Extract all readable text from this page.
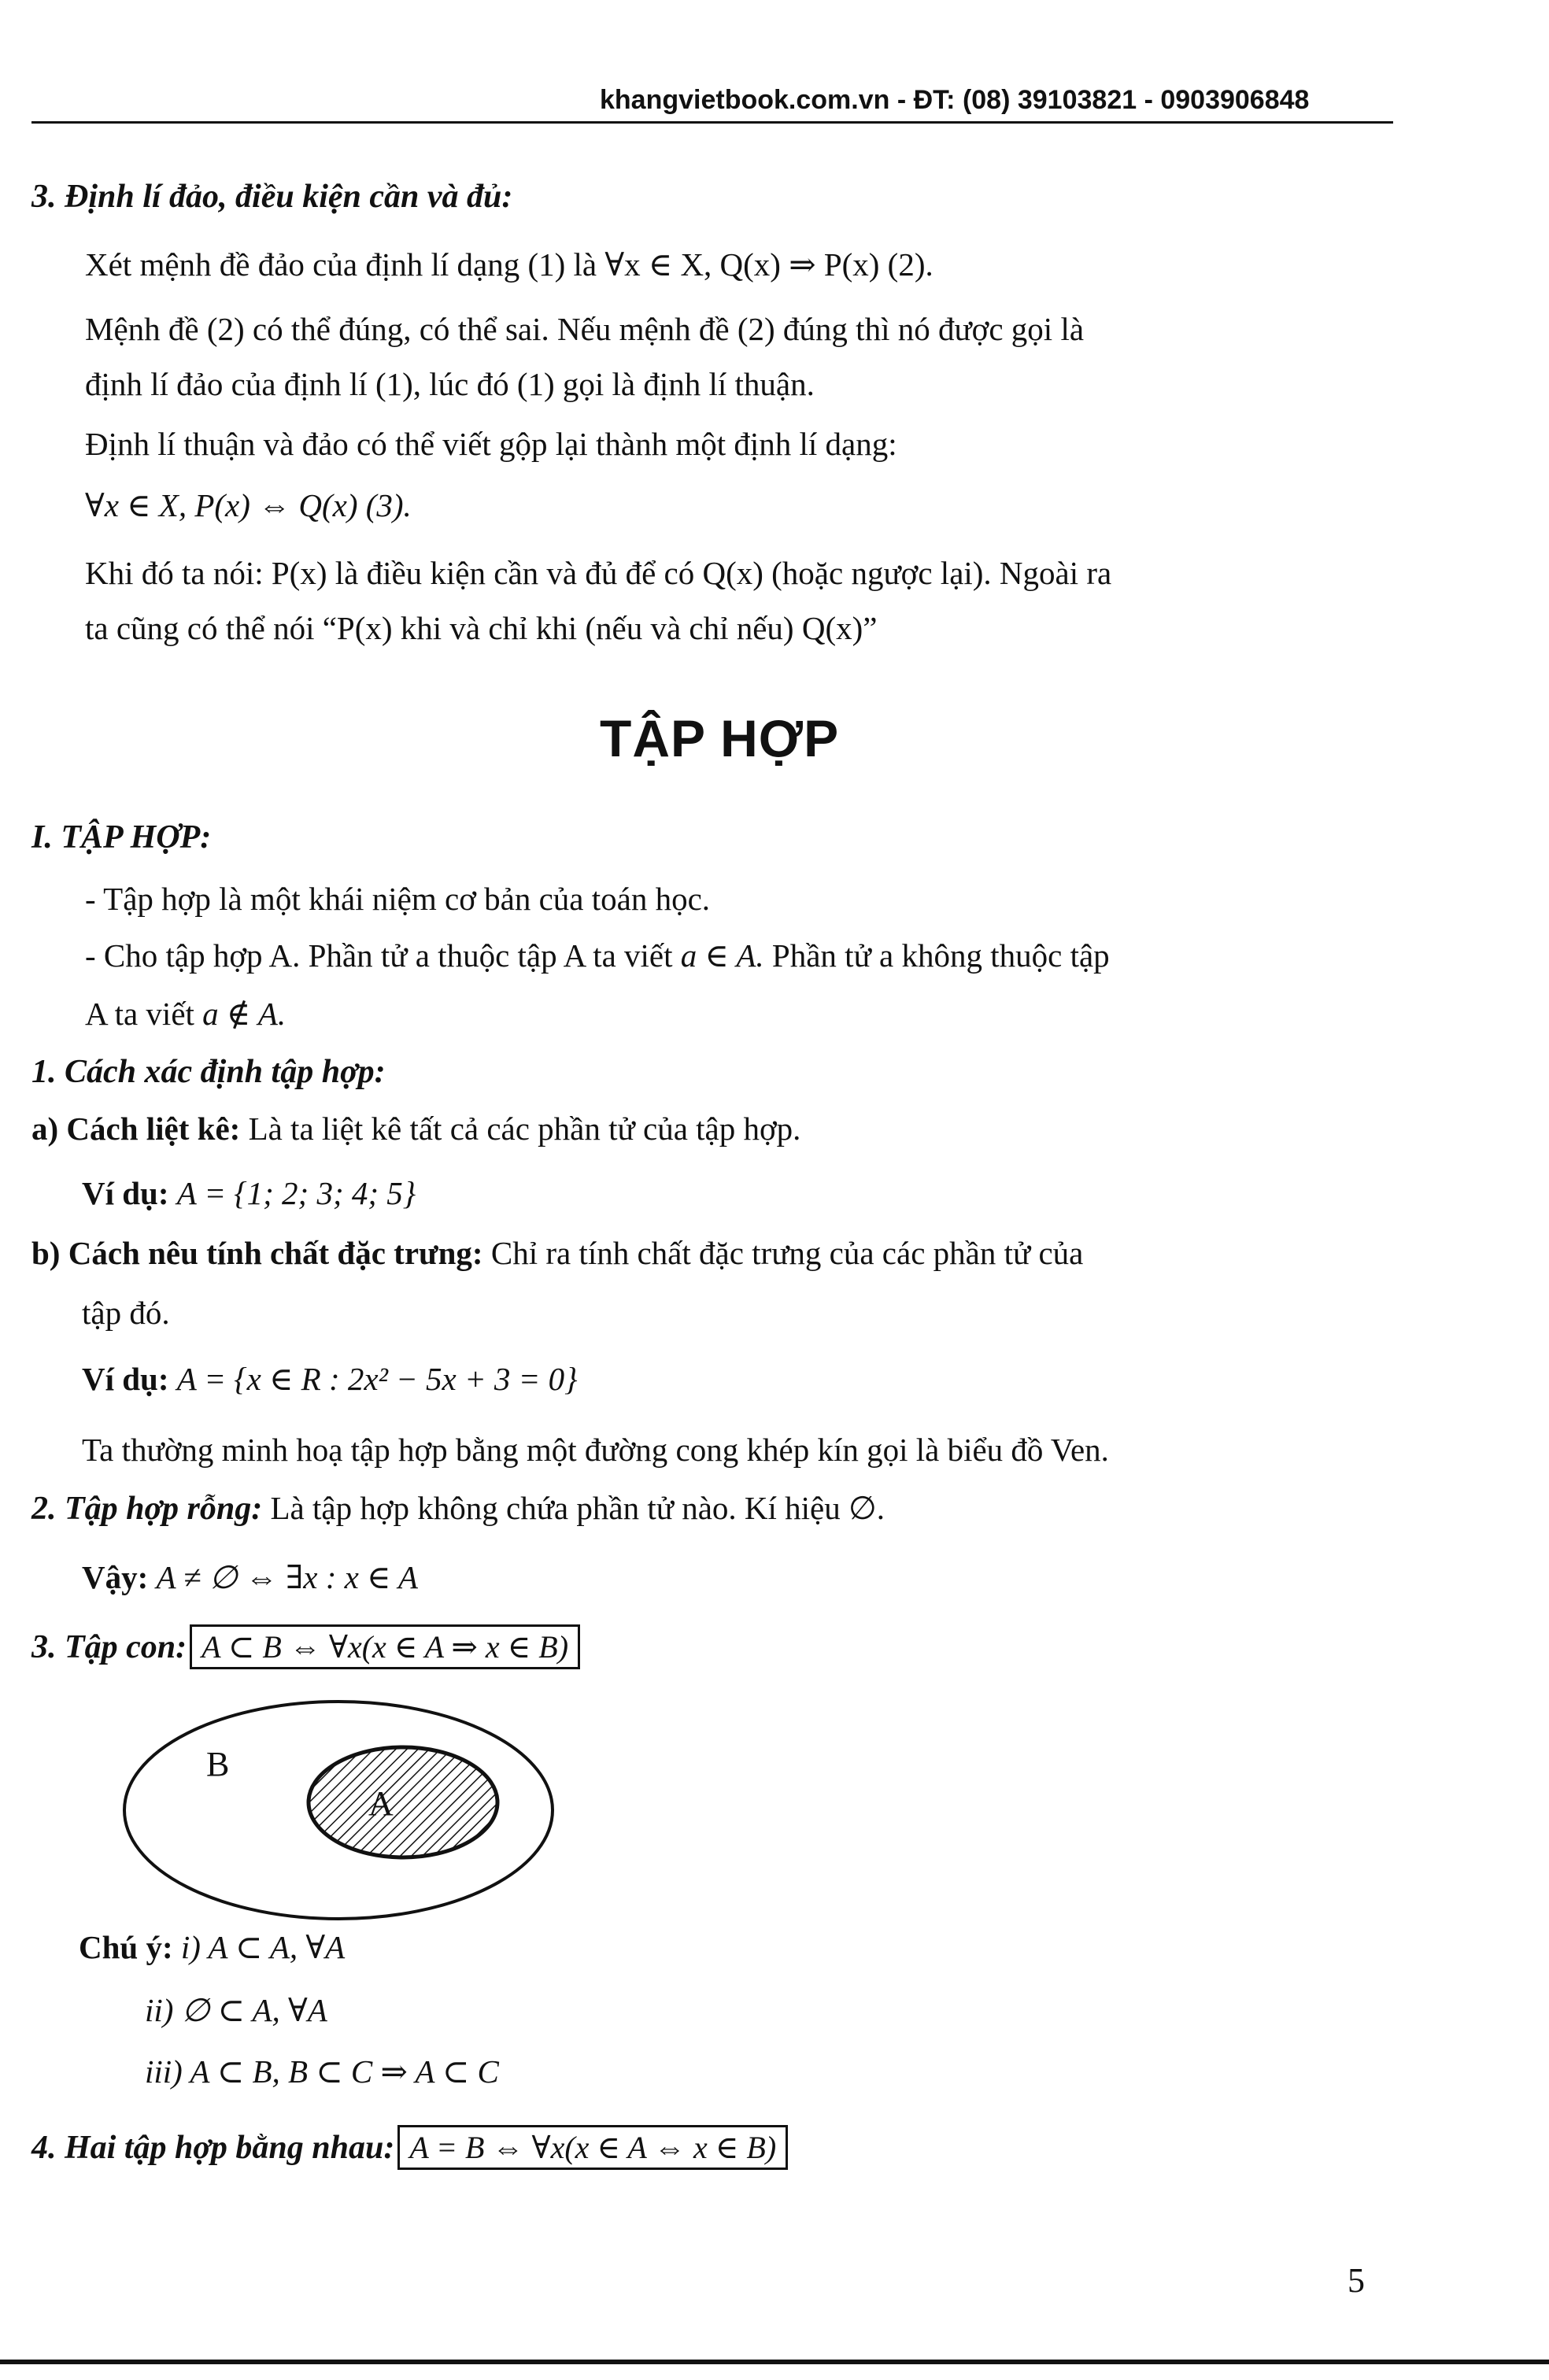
khangvietbook.com.vn - ĐT: (08) 39103821 - 0903906848
3. Định lí đảo, điều kiện cần và đủ:
Xét mệnh đề đảo của định lí dạng (1) là ∀x ∈ X, Q(x) ⇒ P(x) (2).
Mệnh đề (2) có thể đúng, có thể sai. Nếu mệnh đề (2) đúng thì nó được gọi là
định lí đảo của định lí (1), lúc đó (1) gọi là định lí thuận.
Định lí thuận và đảo có thể viết gộp lại thành một định lí dạng:
∀x ∈ X, P(x) ⇔ Q(x) (3).
Khi đó ta nói: P(x) là điều kiện cần và đủ để có Q(x) (hoặc ngược lại). Ngoài ra
ta cũng có thể nói “P(x) khi và chỉ khi (nếu và chỉ nếu) Q(x)”
TẬP HỢP
I. TẬP HỢP:
- Tập hợp là một khái niệm cơ bản của toán học.
- Cho tập hợp A. Phần tử a thuộc tập A ta viết a ∈ A. Phần tử a không thuộc tập
A ta viết a ∉ A.
1. Cách xác định tập hợp:
a) Cách liệt kê: Là ta liệt kê tất cả các phần tử của tập hợp.
Ví dụ: A = {1; 2; 3; 4; 5}
b) Cách nêu tính chất đặc trưng: Chỉ ra tính chất đặc trưng của các phần tử của
tập đó.
Ví dụ: A = {x ∈ R : 2x² − 5x + 3 = 0}
Ta thường minh hoạ tập hợp bằng một đường cong khép kín gọi là biểu đồ Ven.
2. Tập hợp rỗng: Là tập hợp không chứa phần tử nào. Kí hiệu ∅.
Vậy: A ≠ ∅ ⇔ ∃x : x ∈ A
3. Tập con: A ⊂ B ⇔ ∀x(x ∈ A ⇒ x ∈ B)
B
A
Chú ý: i) A ⊂ A, ∀A
ii) ∅ ⊂ A, ∀A
iii) A ⊂ B, B ⊂ C ⇒ A ⊂ C
4. Hai tập hợp bằng nhau: A = B ⇔ ∀x(x ∈ A ⇔ x ∈ B)
5
